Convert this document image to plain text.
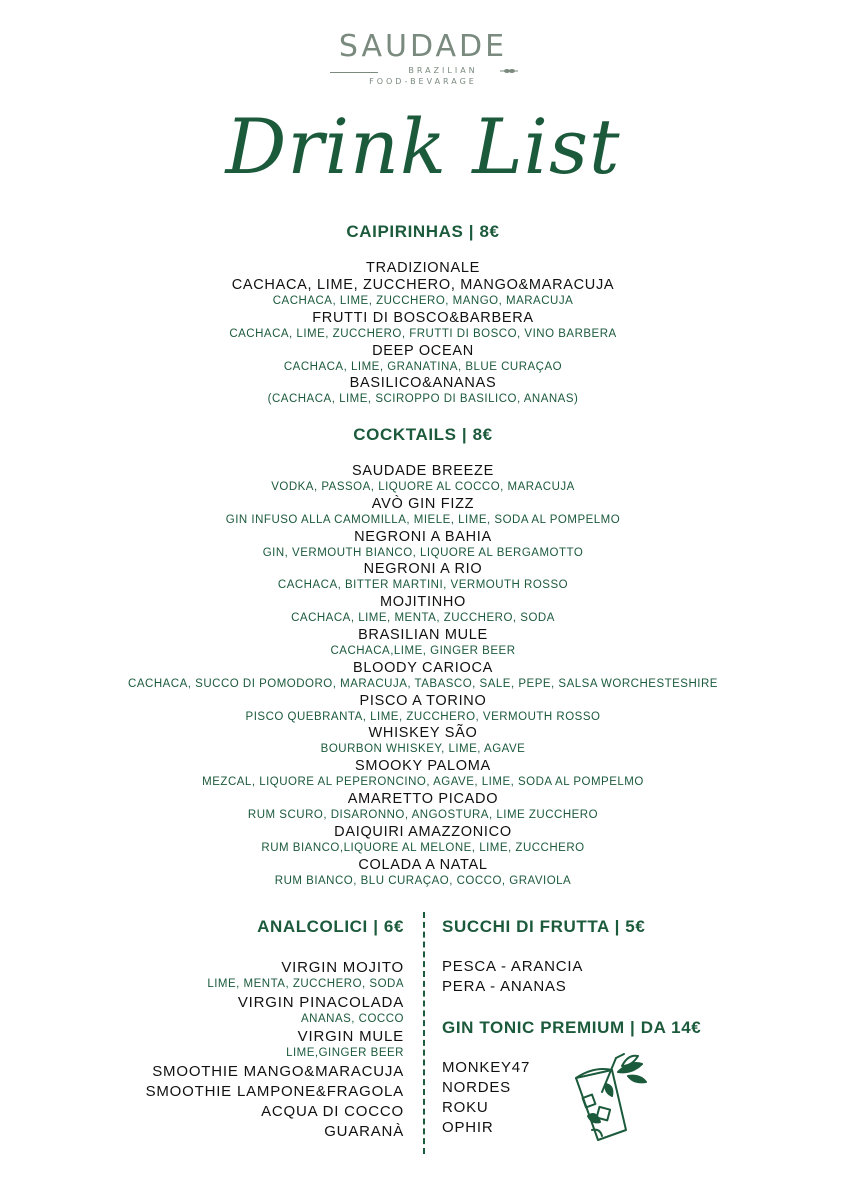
SAUDADE
BRAZILIAN
FOOD-BEVARAGE
Drink List
CAIPIRINHAS | 8€
TRADIZIONALE
CACHACA, LIME, ZUCCHERO, MANGO&MARACUJA
CACHACA, LIME, ZUCCHERO, MANGO, MARACUJA
FRUTTI DI BOSCO&BARBERA
CACHACA, LIME, ZUCCHERO, FRUTTI DI BOSCO, VINO BARBERA
DEEP OCEAN
CACHACA, LIME, GRANATINA, BLUE CURAÇAO
BASILICO&ANANAS
(CACHACA, LIME, SCIROPPO DI BASILICO, ANANAS)
COCKTAILS | 8€
SAUDADE BREEZE
VODKA, PASSOA, LIQUORE AL COCCO, MARACUJA
AVÒ GIN FIZZ
GIN INFUSO ALLA CAMOMILLA, MIELE, LIME, SODA AL POMPELMO
NEGRONI A BAHIA
GIN, VERMOUTH BIANCO, LIQUORE AL BERGAMOTTO
NEGRONI A RIO
CACHACA, BITTER MARTINI, VERMOUTH ROSSO
MOJITINHO
CACHACA, LIME, MENTA, ZUCCHERO, SODA
BRASILIAN MULE
CACHACA,LIME, GINGER BEER
BLOODY CARIOCA
CACHACA, SUCCO DI POMODORO, MARACUJA, TABASCO, SALE, PEPE, SALSA WORCHESTESHIRE
PISCO A TORINO
PISCO QUEBRANTA, LIME, ZUCCHERO, VERMOUTH ROSSO
WHISKEY SÃO
BOURBON WHISKEY, LIME, AGAVE
SMOOKY PALOMA
MEZCAL, LIQUORE AL PEPERONCINO, AGAVE, LIME, SODA AL POMPELMO
AMARETTO PICADO
RUM SCURO, DISARONNO, ANGOSTURA, LIME ZUCCHERO
DAIQUIRI AMAZZONICO
RUM BIANCO,LIQUORE AL MELONE, LIME, ZUCCHERO
COLADA A NATAL
RUM BIANCO, BLU CURAÇAO, COCCO, GRAVIOLA
ANALCOLICI | 6€
VIRGIN MOJITO
LIME, MENTA, ZUCCHERO, SODA
VIRGIN PINACOLADA
ANANAS, COCCO
VIRGIN MULE
LIME,GINGER BEER
SMOOTHIE MANGO&MARACUJA
SMOOTHIE LAMPONE&FRAGOLA
ACQUA DI COCCO
GUARANÀ
SUCCHI DI FRUTTA | 5€
PESCA - ARANCIA
PERA - ANANAS
GIN TONIC PREMIUM | DA 14€
MONKEY47
NORDES
ROKU
OPHIR
